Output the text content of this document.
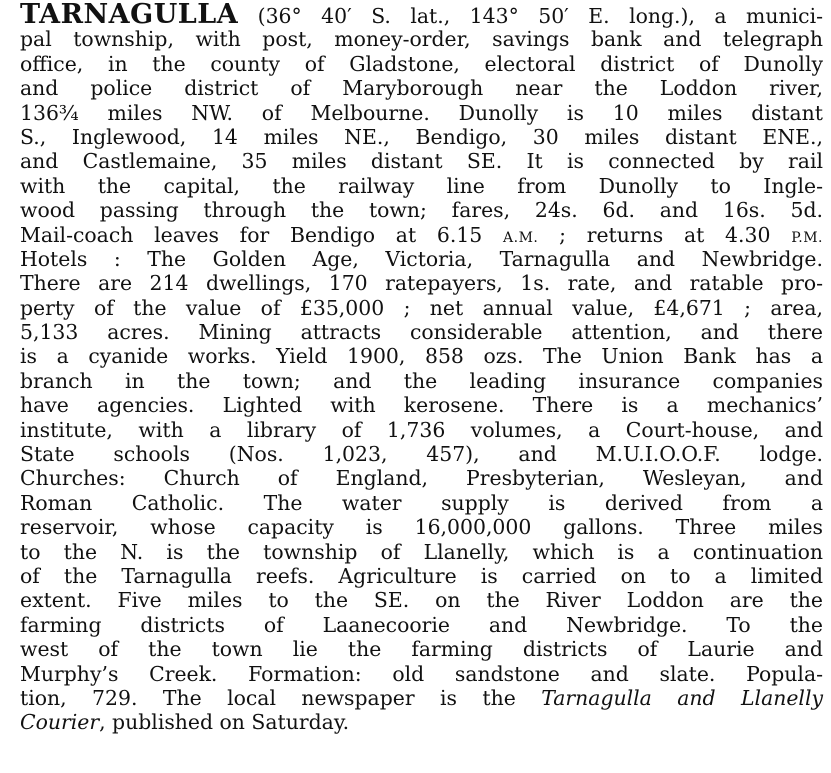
TARNAGULLA (36° 40′ S. lat., 143° 50′ E. long.), a munici-
pal township, with post, money-order, savings bank and telegraph
office, in the county of Gladstone, electoral district of Dunolly
and police district of Maryborough near the Loddon river,
136¾ miles NW. of Melbourne. Dunolly is 10 miles distant
S., Inglewood, 14 miles NE., Bendigo, 30 miles distant ENE.,
and Castlemaine, 35 miles distant SE. It is connected by rail
with the capital, the railway line from Dunolly to Ingle-
wood passing through the town; fares, 24s. 6d. and 16s. 5d.
Mail-coach leaves for Bendigo at 6.15 A.M. ; returns at 4.30 P.M.
Hotels : The Golden Age, Victoria, Tarnagulla and Newbridge.
There are 214 dwellings, 170 ratepayers, 1s. rate, and ratable pro-
perty of the value of £35,000 ; net annual value, £4,671 ; area,
5,133 acres. Mining attracts considerable attention, and there
is a cyanide works. Yield 1900, 858 ozs. The Union Bank has a
branch in the town; and the leading insurance companies
have agencies. Lighted with kerosene. There is a mechanics’
institute, with a library of 1,736 volumes, a Court-house, and
State schools (Nos. 1,023, 457), and M.U.I.O.O.F. lodge.
Churches: Church of England, Presbyterian, Wesleyan, and
Roman Catholic. The water supply is derived from a
reservoir, whose capacity is 16,000,000 gallons. Three miles
to the N. is the township of Llanelly, which is a continuation
of the Tarnagulla reefs. Agriculture is carried on to a limited
extent. Five miles to the SE. on the River Loddon are the
farming districts of Laanecoorie and Newbridge. To the
west of the town lie the farming districts of Laurie and
Murphy’s Creek. Formation: old sandstone and slate. Popula-
tion, 729. The local newspaper is the Tarnagulla and Llanelly
Courier, published on Saturday.
